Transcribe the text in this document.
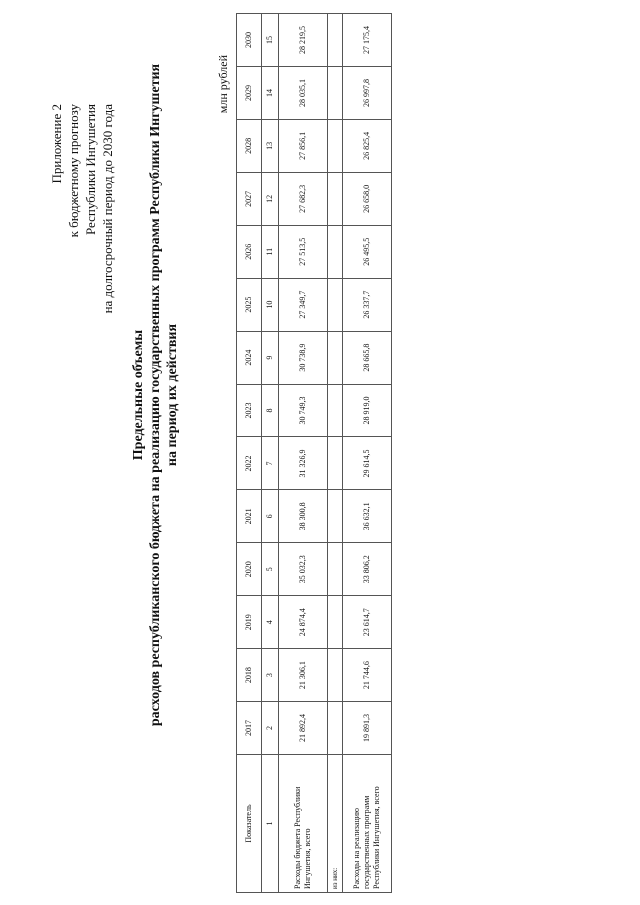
Приложение 2 к бюджетному прогнозу Республики Ингушетия на долгосрочный период до 2030 года
Предельные объемы расходов республиканского бюджета на реализацию государственных программ Республики Ингушетия на период их действия
млн рублей
Показатель	2017	2018	2019	2020	2021	2022	2023	2024	2025	2026	2027	2028	2029	2030
1	2	3	4	5	6	7	8	9	10	11	12	13	14	15
Расходы бюджета Республики Ингушетия, всего	21 892,4	21 306,1	24 874,4	35 032,3	38 300,8	31 326,9	30 749,3	30 738,9	27 349,7	27 513,5	27 682,3	27 856,1	28 035,1	28 219,5
из них:														
Расходы на реализацию государственных программ Республики Ингушетия, всего	19 891,3	21 744,6	23 614,7	33 806,2	36 632,1	29 614,5	28 919,0	28 665,8	26 337,7	26 495,5	26 658,0	26 825,4	26 997,8	27 175,4
